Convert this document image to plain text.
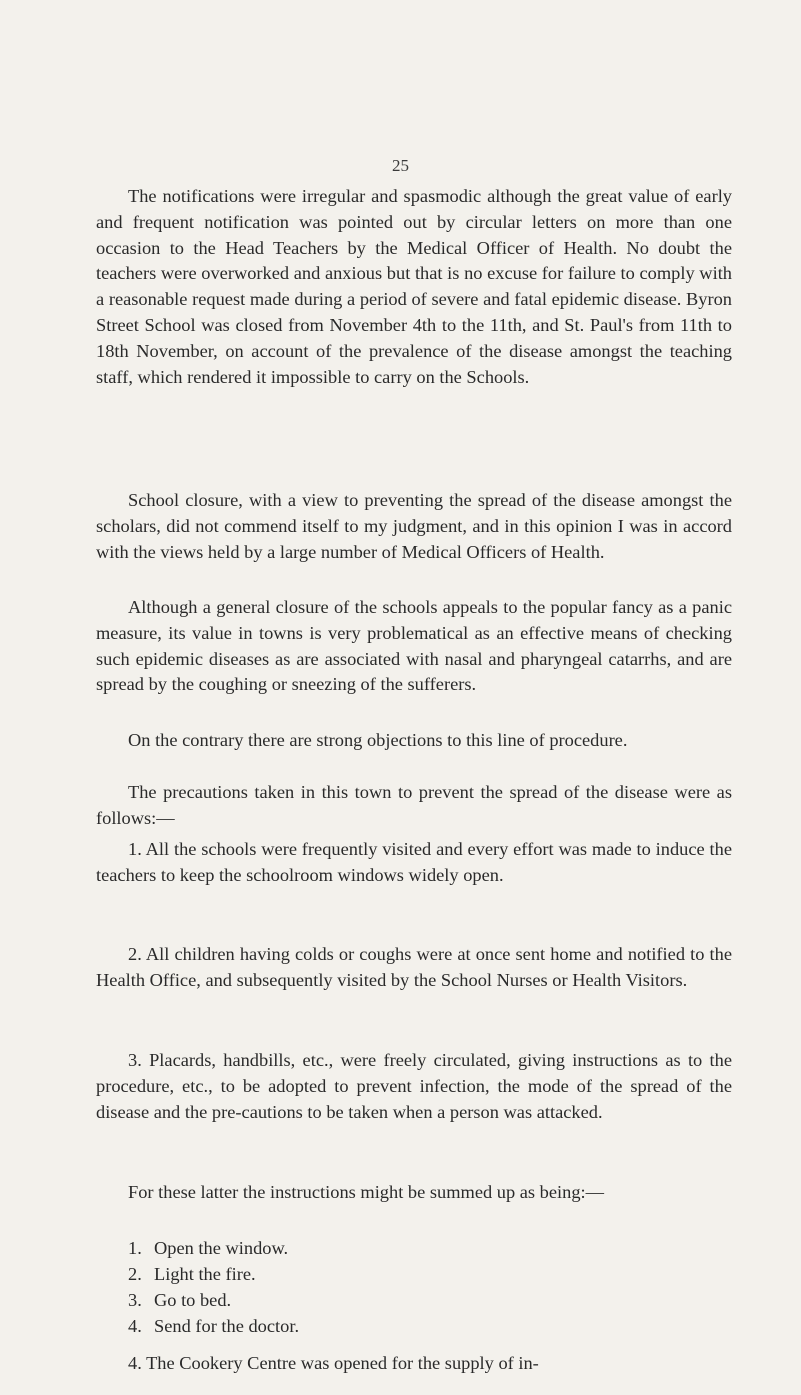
25

The notifications were irregular and spasmodic although the great value of early and frequent notification was pointed out by circular letters on more than one occasion to the Head Teachers by the Medical Officer of Health. No doubt the teachers were overworked and anxious but that is no excuse for failure to comply with a reasonable request made during a period of severe and fatal epidemic disease. Byron Street School was closed from November 4th to the 11th, and St. Paul's from 11th to 18th November, on account of the prevalence of the disease amongst the teaching staff, which rendered it impossible to carry on the Schools.

School closure, with a view to preventing the spread of the disease amongst the scholars, did not commend itself to my judgment, and in this opinion I was in accord with the views held by a large number of Medical Officers of Health.

Although a general closure of the schools appeals to the popular fancy as a panic measure, its value in towns is very problematical as an effective means of checking such epidemic diseases as are associated with nasal and pharyngeal catarrhs, and are spread by the coughing or sneezing of the sufferers.

On the contrary there are strong objections to this line of procedure.

The precautions taken in this town to prevent the spread of the disease were as follows:—

1. All the schools were frequently visited and every effort was made to induce the teachers to keep the schoolroom windows widely open.

2. All children having colds or coughs were at once sent home and notified to the Health Office, and subsequently visited by the School Nurses or Health Visitors.

3. Placards, handbills, etc., were freely circulated, giving instructions as to the procedure, etc., to be adopted to prevent infection, the mode of the spread of the disease and the pre-cautions to be taken when a person was attacked.

For these latter the instructions might be summed up as being:—

1. Open the window.
2. Light the fire.
3. Go to bed.
4. Send for the doctor.

4. The Cookery Centre was opened for the supply of in-
